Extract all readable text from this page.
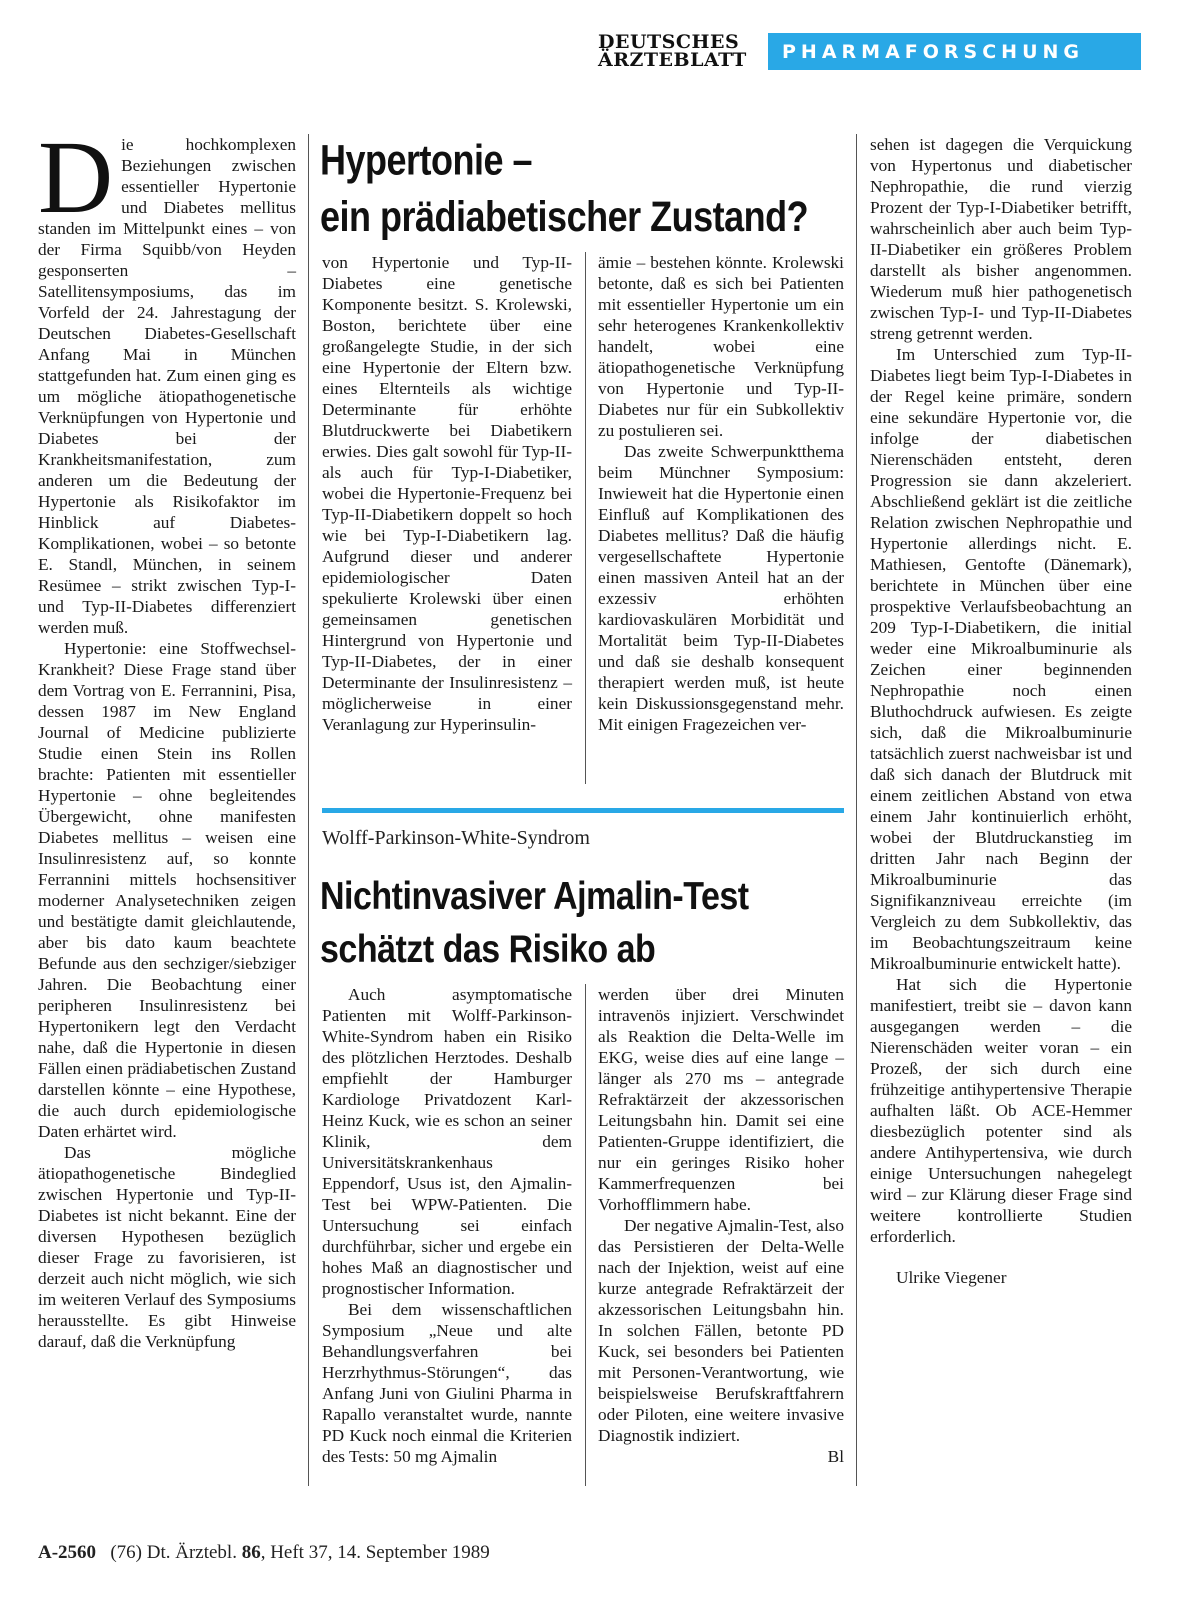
DEUTSCHES
ÄRZTEBLATT	PHARMAFORSCHUNG
D ie hochkomplexen Beziehungen zwischen essentieller Hypertonie und Diabetes mellitus standen im Mittelpunkt eines – von der Firma Squibb/von Heyden gesponserten – Satellitensymposiums, das im Vorfeld der 24. Jahrestagung der Deutschen Diabetes-Gesellschaft Anfang Mai in München stattgefunden hat. Zum einen ging es um mögliche ätiopathogenetische Verknüpfungen von Hypertonie und Diabetes bei der Krankheitsmanifestation, zum anderen um die Bedeutung der Hypertonie als Risikofaktor im Hinblick auf Diabetes-Komplikationen, wobei – so betonte E. Standl, München, in seinem Resümee – strikt zwischen Typ-I- und Typ-II-Diabetes differenziert werden muß.

Hypertonie: eine Stoffwechsel-Krankheit? Diese Frage stand über dem Vortrag von E. Ferrannini, Pisa, dessen 1987 im New England Journal of Medicine publizierte Studie einen Stein ins Rollen brachte: Patienten mit essentieller Hypertonie – ohne begleitendes Übergewicht, ohne manifesten Diabetes mellitus – weisen eine Insulinresistenz auf, so konnte Ferrannini mittels hochsensitiver moderner Analysetechniken zeigen und bestätigte damit gleichlautende, aber bis dato kaum beachtete Befunde aus den sechziger/siebziger Jahren. Die Beobachtung einer peripheren Insulinresistenz bei Hypertonikern legt den Verdacht nahe, daß die Hypertonie in diesen Fällen einen prädiabetischen Zustand darstellen könnte – eine Hypothese, die auch durch epidemiologische Daten erhärtet wird.

Das mögliche ätiopathogenetische Bindeglied zwischen Hypertonie und Typ-II-Diabetes ist nicht bekannt. Eine der diversen Hypothesen bezüglich dieser Frage zu favorisieren, ist derzeit auch nicht möglich, wie sich im weiteren Verlauf des Symposiums herausstellte. Es gibt Hinweise darauf, daß die Verknüpfung

Hypertonie –
ein prädiabetischer Zustand?

von Hypertonie und Typ-II-Diabetes eine genetische Komponente besitzt. S. Krolewski, Boston, berichtete über eine großangelegte Studie, in der sich eine Hypertonie der Eltern bzw. eines Elternteils als wichtige Determinante für erhöhte Blutdruckwerte bei Diabetikern erwies. Dies galt sowohl für Typ-II- als auch für Typ-I-Diabetiker, wobei die Hypertonie-Frequenz bei Typ-II-Diabetikern doppelt so hoch wie bei Typ-I-Diabetikern lag. Aufgrund dieser und anderer epidemiologischer Daten spekulierte Krolewski über einen gemeinsamen genetischen Hintergrund von Hypertonie und Typ-II-Diabetes, der in einer Determinante der Insulinresistenz – möglicherweise in einer Veranlagung zur Hyperinsulin-

ämie – bestehen könnte. Krolewski betonte, daß es sich bei Patienten mit essentieller Hypertonie um ein sehr heterogenes Krankenkollektiv handelt, wobei eine ätiopathogenetische Verknüpfung von Hypertonie und Typ-II-Diabetes nur für ein Subkollektiv zu postulieren sei.

Das zweite Schwerpunktthema beim Münchner Symposium: Inwieweit hat die Hypertonie einen Einfluß auf Komplikationen des Diabetes mellitus? Daß die häufig vergesellschaftete Hypertonie einen massiven Anteil hat an der exzessiv erhöhten kardiovaskulären Morbidität und Mortalität beim Typ-II-Diabetes und daß sie deshalb konsequent therapiert werden muß, ist heute kein Diskussionsgegenstand mehr. Mit einigen Fragezeichen ver-

sehen ist dagegen die Verquickung von Hypertonus und diabetischer Nephropathie, die rund vierzig Prozent der Typ-I-Diabetiker betrifft, wahrscheinlich aber auch beim Typ-II-Diabetiker ein größeres Problem darstellt als bisher angenommen. Wiederum muß hier pathogenetisch zwischen Typ-I- und Typ-II-Diabetes streng getrennt werden.

Im Unterschied zum Typ-II-Diabetes liegt beim Typ-I-Diabetes in der Regel keine primäre, sondern eine sekundäre Hypertonie vor, die infolge der diabetischen Nierenschäden entsteht, deren Progression sie dann akzeleriert. Abschließend geklärt ist die zeitliche Relation zwischen Nephropathie und Hypertonie allerdings nicht. E. Mathiesen, Gentofte (Dänemark), berichtete in München über eine prospektive Verlaufsbeobachtung an 209 Typ-I-Diabetikern, die initial weder eine Mikroalbuminurie als Zeichen einer beginnenden Nephropathie noch einen Bluthochdruck aufwiesen. Es zeigte sich, daß die Mikroalbuminurie tatsächlich zuerst nachweisbar ist und daß sich danach der Blutdruck mit einem zeitlichen Abstand von etwa einem Jahr kontinuierlich erhöht, wobei der Blutdruckanstieg im dritten Jahr nach Beginn der Mikroalbuminurie das Signifikanzniveau erreichte (im Vergleich zu dem Subkollektiv, das im Beobachtungszeitraum keine Mikroalbuminurie entwickelt hatte).

Hat sich die Hypertonie manifestiert, treibt sie – davon kann ausgegangen werden – die Nierenschäden weiter voran – ein Prozeß, der sich durch eine frühzeitige antihypertensive Therapie aufhalten läßt. Ob ACE-Hemmer diesbezüglich potenter sind als andere Antihypertensiva, wie durch einige Untersuchungen nahegelegt wird – zur Klärung dieser Frage sind weitere kontrollierte Studien erforderlich.

Ulrike Viegener

Wolff-Parkinson-White-Syndrom
Nichtinvasiver Ajmalin-Test
schätzt das Risiko ab

Auch asymptomatische Patienten mit Wolff-Parkinson-White-Syndrom haben ein Risiko des plötzlichen Herztodes. Deshalb empfiehlt der Hamburger Kardiologe Privatdozent Karl-Heinz Kuck, wie es schon an seiner Klinik, dem Universitätskrankenhaus Eppendorf, Usus ist, den Ajmalin-Test bei WPW-Patienten. Die Untersuchung sei einfach durchführbar, sicher und ergebe ein hohes Maß an diagnostischer und prognostischer Information.

Bei dem wissenschaftlichen Symposium „Neue und alte Behandlungsverfahren bei Herzrhythmus-Störungen“, das Anfang Juni von Giulini Pharma in Rapallo veranstaltet wurde, nannte PD Kuck noch einmal die Kriterien des Tests: 50 mg Ajmalin

werden über drei Minuten intravenös injiziert. Verschwindet als Reaktion die Delta-Welle im EKG, weise dies auf eine lange – länger als 270 ms – antegrade Refraktärzeit der akzessorischen Leitungsbahn hin. Damit sei eine Patienten-Gruppe identifiziert, die nur ein geringes Risiko hoher Kammerfrequenzen bei Vorhofflimmern habe.

Der negative Ajmalin-Test, also das Persistieren der Delta-Welle nach der Injektion, weist auf eine kurze antegrade Refraktärzeit der akzessorischen Leitungsbahn hin. In solchen Fällen, betonte PD Kuck, sei besonders bei Patienten mit Personen-Verantwortung, wie beispielsweise Berufskraftfahrern oder Piloten, eine weitere invasive Diagnostik indiziert.

Bl
A-2560 (76) Dt. Ärztebl. 86, Heft 37, 14. September 1989
